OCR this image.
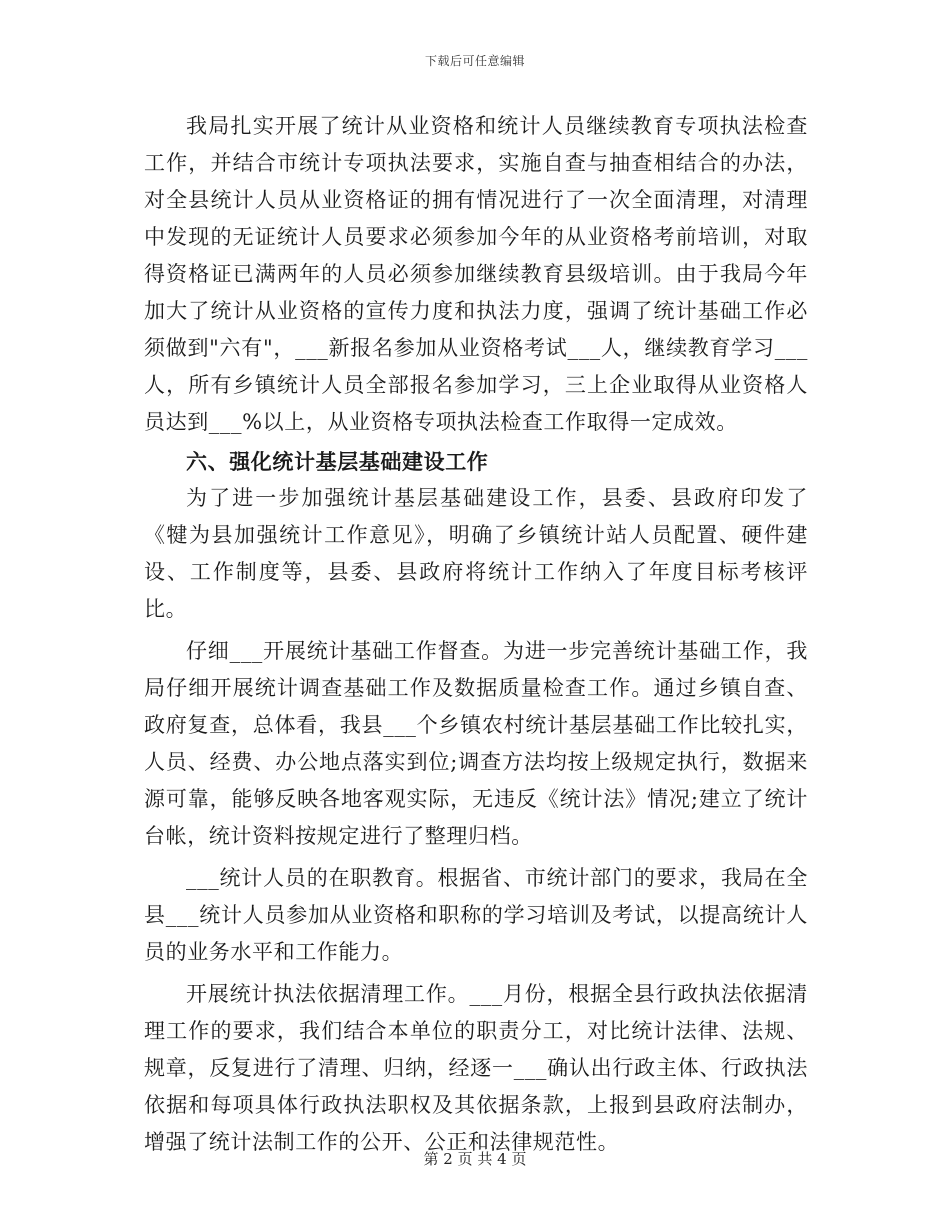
下载后可任意编辑

我局扎实开展了统计从业资格和统计人员继续教育专项执法检查工作，并结合市统计专项执法要求，实施自查与抽查相结合的办法，对全县统计人员从业资格证的拥有情况进行了一次全面清理，对清理中发现的无证统计人员要求必须参加今年的从业资格考前培训，对取得资格证已满两年的人员必须参加继续教育县级培训。由于我局今年加大了统计从业资格的宣传力度和执法力度，强调了统计基础工作必须做到"六有"，___新报名参加从业资格考试___人，继续教育学习___人，所有乡镇统计人员全部报名参加学习，三上企业取得从业资格人员达到___%以上，从业资格专项执法检查工作取得一定成效。

六、强化统计基层基础建设工作

为了进一步加强统计基层基础建设工作，县委、县政府印发了《犍为县加强统计工作意见》，明确了乡镇统计站人员配置、硬件建设、工作制度等，县委、县政府将统计工作纳入了年度目标考核评比。

仔细___开展统计基础工作督查。为进一步完善统计基础工作，我局仔细开展统计调查基础工作及数据质量检查工作。通过乡镇自查、政府复查，总体看，我县___个乡镇农村统计基层基础工作比较扎实，人员、经费、办公地点落实到位;调查方法均按上级规定执行，数据来源可靠，能够反映各地客观实际，无违反《统计法》情况;建立了统计台帐，统计资料按规定进行了整理归档。

___统计人员的在职教育。根据省、市统计部门的要求，我局在全县___统计人员参加从业资格和职称的学习培训及考试，以提高统计人员的业务水平和工作能力。

开展统计执法依据清理工作。___月份，根据全县行政执法依据清理工作的要求，我们结合本单位的职责分工，对比统计法律、法规、规章，反复进行了清理、归纳，经逐一___确认出行政主体、行政执法依据和每项具体行政执法职权及其依据条款，上报到县政府法制办，增强了统计法制工作的公开、公正和法律规范性。

第 2 页 共 4 页
